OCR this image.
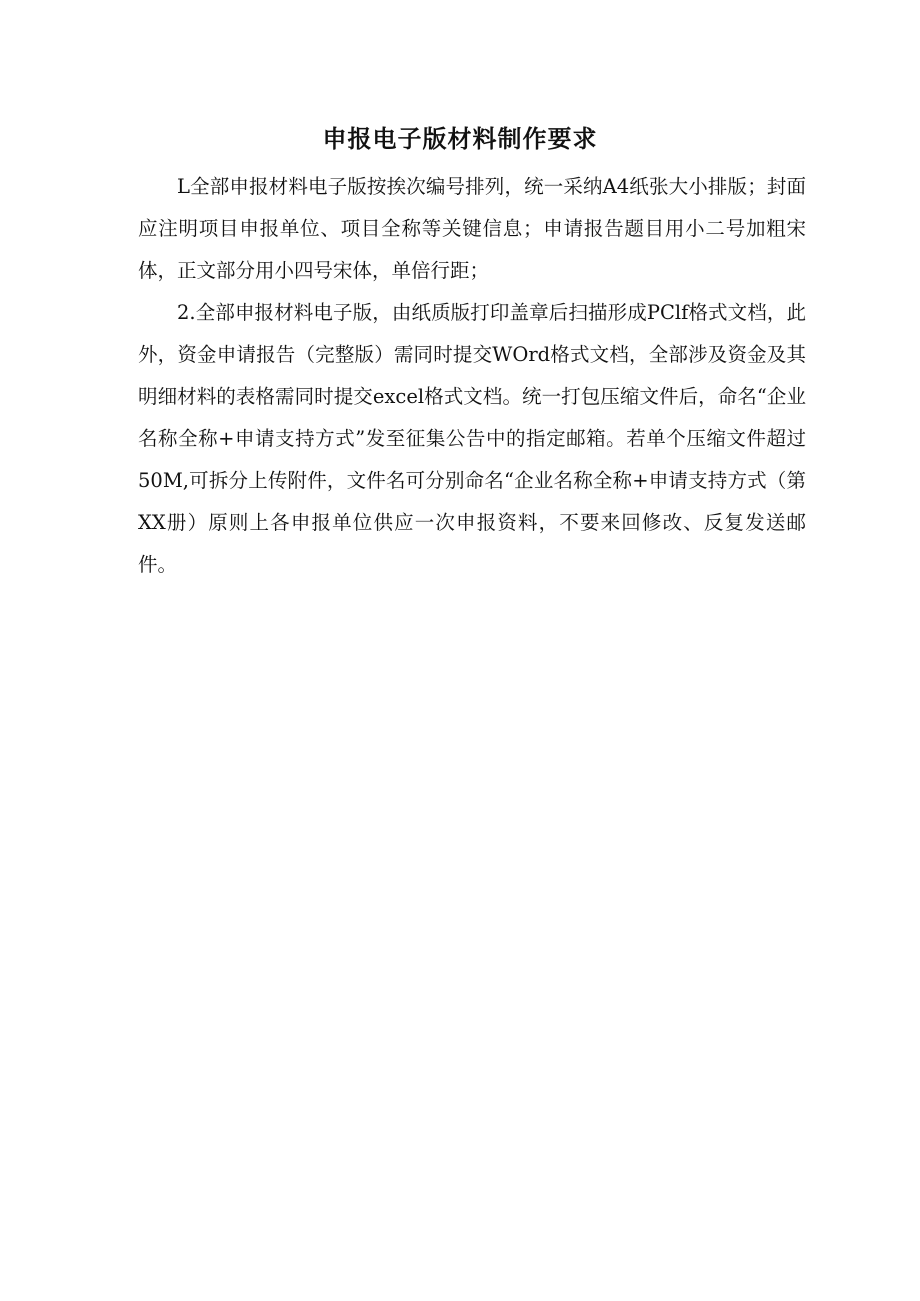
申报电子版材料制作要求

L全部申报材料电子版按挨次编号排列，统一采纳A4纸张大小排版；封面应注明项目申报单位、项目全称等关键信息；申请报告题目用小二号加粗宋体，正文部分用小四号宋体，单倍行距；

2.全部申报材料电子版，由纸质版打印盖章后扫描形成PClf格式文档，此外，资金申请报告（完整版）需同时提交WOrd格式文档，全部涉及资金及其明细材料的表格需同时提交excel格式文档。统一打包压缩文件后，命名“企业名称全称+申请支持方式”发至征集公告中的指定邮箱。若单个压缩文件超过50M,可拆分上传附件，文件名可分别命名“企业名称全称+申请支持方式（第XX册）原则上各申报单位供应一次申报资料，不要来回修改、反复发送邮件。
